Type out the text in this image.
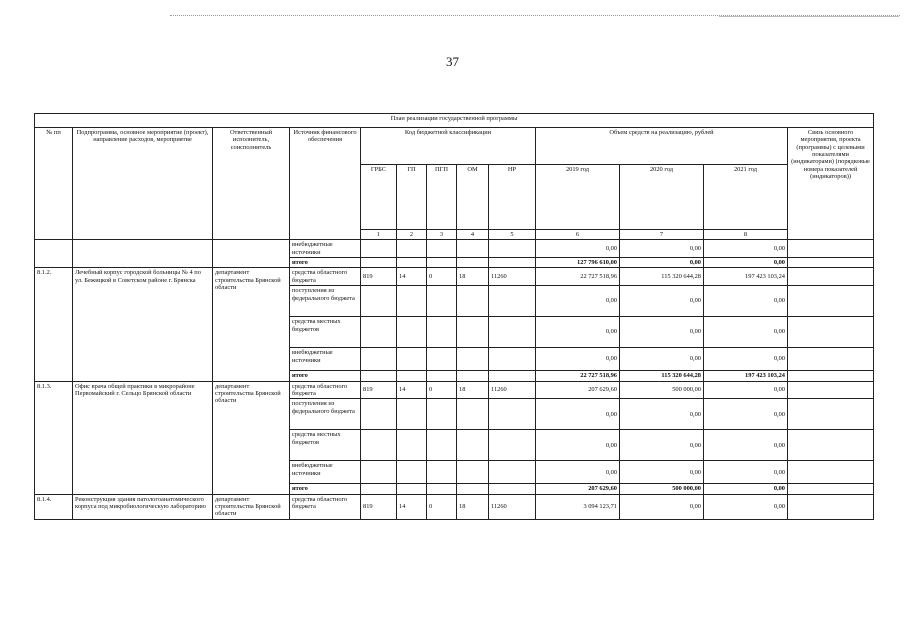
37
План реализации государственной программы													
№ пп	Подпрограмма, основное мероприятие (проект), направление расходов, мероприятие	Ответственный исполнитель, соисполнитель	Источник финансового обеспечения	Код бюджетной классификации					Объем средств на реализацию, рублей			Связь основного мероприятия, проекта (программы) с целевыми показателями (индикаторами) (порядковые номера показателей (индикаторов))	
				ГРБС	ГП	ПГП	ОМ	НР	2019 год	2020 год	2021 год		
				1	2	3	4	5	6	7	8					
			внебюджетные источники						0,00	0,00	0,00		
			итого						127 796 610,00	0,00	0,00		
8.1.2.	Лечебный корпус городской больницы № 4 по ул. Бежицкой в Советском районе г. Брянска	департамент строительства Брянской области	средства областного бюджета	819	14	0	18	11260	22 727 518,96	115 320 644,28	197 423 103,24		
			поступления из федерального бюджета						0,00	0,00	0,00		
			средства местных бюджетов						0,00	0,00	0,00		
			внебюджетные источники						0,00	0,00	0,00		
			итого						22 727 518,96	115 320 644,28	197 423 103,24		
8.1.3.	Офис врача общей практики в микрорайоне Первомайский г. Сельцо Брянской области	департамент строительства Брянской области	средства областного бюджета	819	14	0	18	11260	207 629,60	500 000,00	0,00		
			поступления из федерального бюджета						0,00	0,00	0,00		
			средства местных бюджетов						0,00	0,00	0,00		
			внебюджетные источники						0,00	0,00	0,00		
			итого						207 629,60	500 000,00	0,00		
8.1.4.	Реконструкция здания патологоанатомического корпуса под микробиологическую лабораторию	департамент строительства Брянской области	средства областного бюджета	819	14	0	18	11260	3 094 123,71	0,00	0,00		
